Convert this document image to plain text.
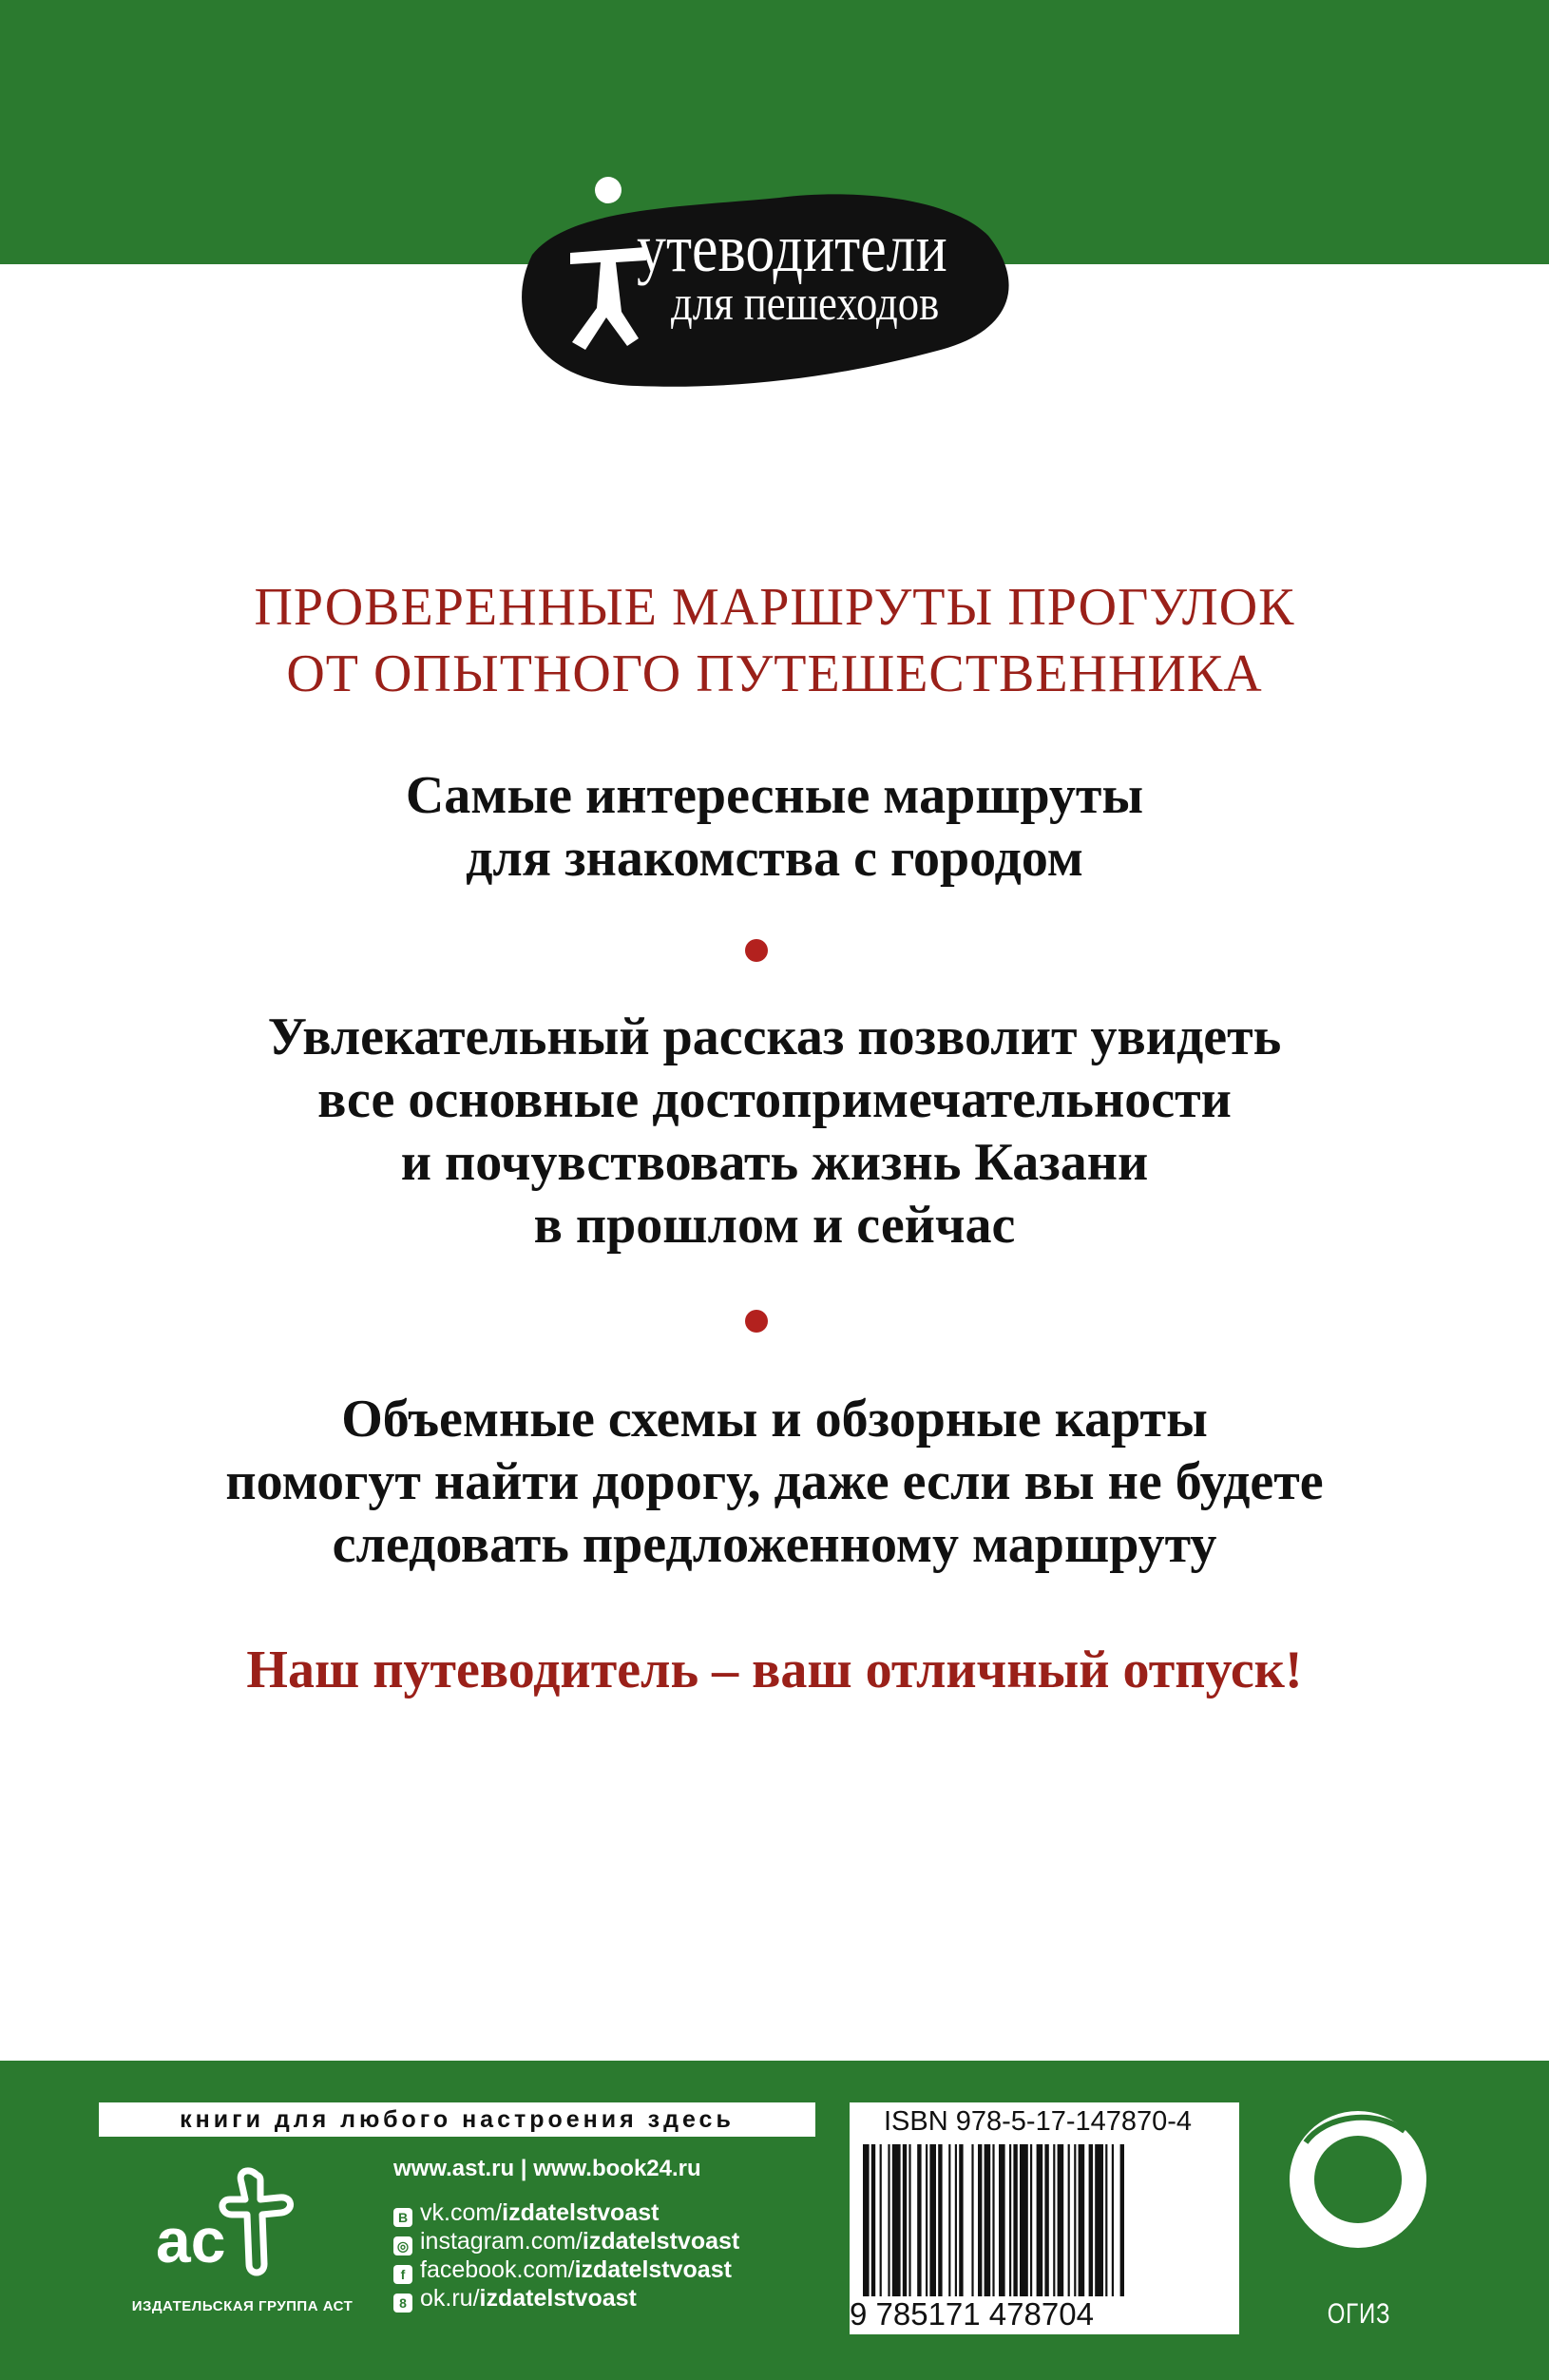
утеводители
для пешеходов
ПРОВЕРЕННЫЕ МАРШРУТЫ ПРОГУЛОК
ОТ ОПЫТНОГО ПУТЕШЕСТВЕННИКА
Самые интересные маршруты
для знакомства с городом
Увлекательный рассказ позволит увидеть
все основные достопримечательности
и почувствовать жизнь Казани
в прошлом и сейчас
Объемные схемы и обзорные карты
помогут найти дорогу, даже если вы не будете
следовать предложенному маршруту
Наш путеводитель – ваш отличный отпуск!
книги для любого настроения здесь
ac
ИЗДАТЕЛЬСКАЯ ГРУППА АСТ
www.ast.ru | www.book24.ru
В vk.com/izdatelstvoast
◎ instagram.com/izdatelstvoast
f facebook.com/izdatelstvoast
8 ok.ru/izdatelstvoast
ISBN 978-5-17-147870-4
9 785171 478704	ОГИЗ
